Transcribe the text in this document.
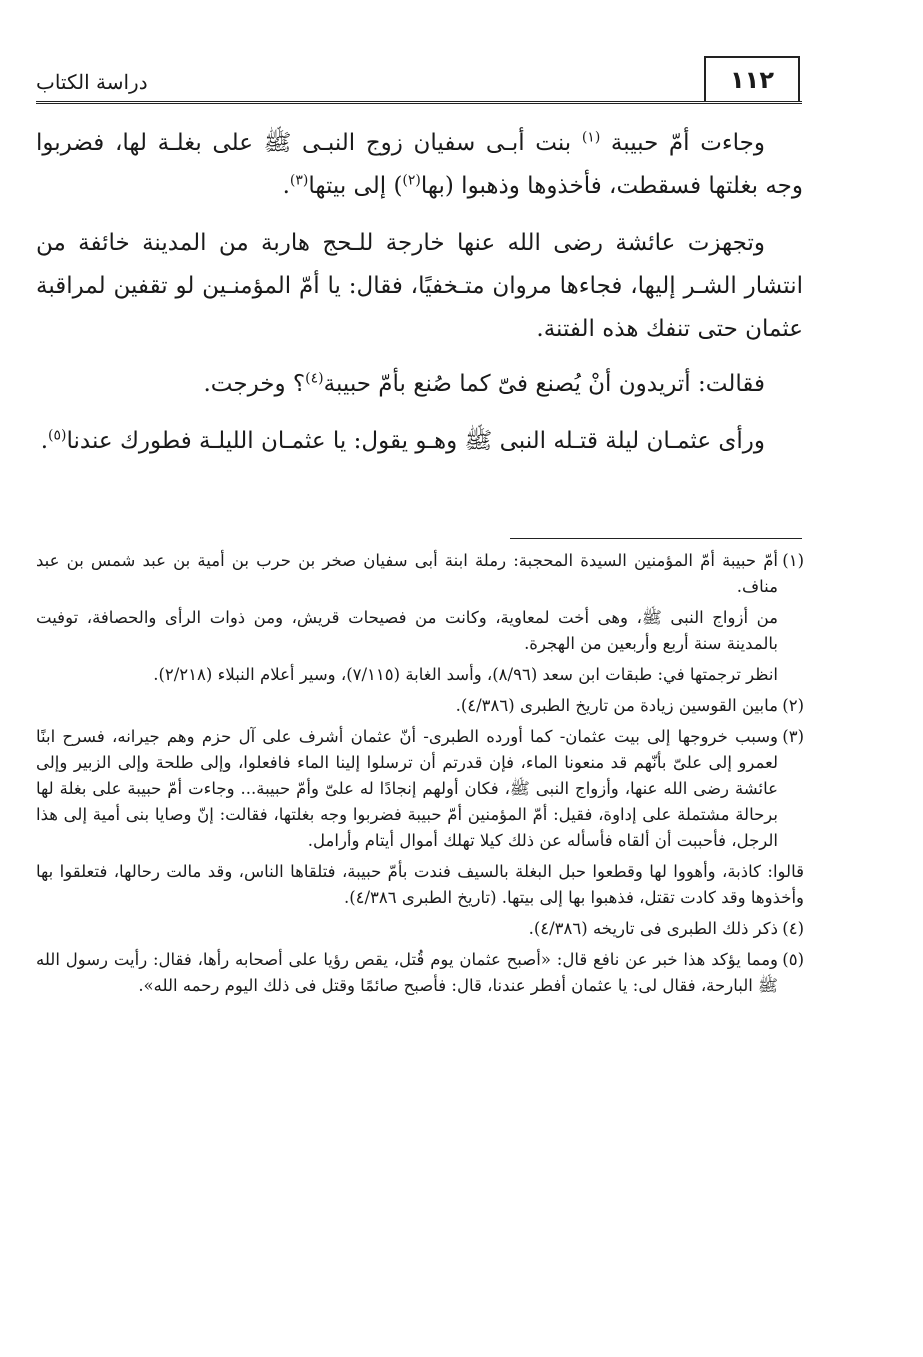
١١٢
دراسة الكتاب

وجاءت أمّ حبيبة $^{(١)}$ بنت أبـى سفيان زوج النبـى ﷺ على بغلـة لها، فضربوا وجه بغلتها فسقطت، فأخذوها وذهبوا (بها$^{(٢)}$) إلى بيتها$^{(٣)}$.

وتجهزت عائشة رضى الله عنها خارجة للـحج هاربة من المدينة خائفة من انتشار الشـر إليها، فجاءها مروان متـخفيًا، فقال: يا أمّ المؤمنـين لو تقفين لمراقبة عثمان حتى تنفك هذه الفتنة.

فقالت: أتريدون أنْ يُصنع فىّ كما صُنع بأمّ حبيبة$^{(٤)}$؟ وخرجت.

ورأى عثمـان ليلة قتـله النبى ﷺ وهـو يقول: يا عثمـان الليلـة فطورك عندنا$^{(٥)}$.

(١)أمّ حبيبة أمّ المؤمنين السيدة المحجبة: رملة ابنة أبى سفيان صخر بن حرب بن أمية بن عبد شمس بن عبد مناف.

من أزواج النبى ﷺ، وهى أخت لمعاوية، وكانت من فصيحات قريش، ومن ذوات الرأى والحصافة، توفيت بالمدينة سنة أربع وأربعين من الهجرة.

انظر ترجمتها في: طبقات ابن سعد (٨/٩٦)، وأسد الغابة (٧/١١٥)، وسير أعلام النبلاء (٢/٢١٨).

(٢)مابين القوسين زيادة من تاريخ الطبرى (٤/٣٨٦).

(٣)وسبب خروجها إلى بيت عثمان- كما أورده الطبرى- أنّ عثمان أشرف على آل حزم وهم جيرانه، فسرح ابنًا لعمرو إلى علىّ بأنّهم قد منعونا الماء، فإن قدرتم أن ترسلوا إلينا الماء فافعلوا، وإلى طلحة وإلى الزبير وإلى عائشة رضى الله عنها، وأزواج النبى ﷺ، فكان أولهم إنجادًا له علىّ وأمّ حبيبة... وجاءت أمّ حبيبة على بغلة لها برحالة مشتملة على إداوة، فقيل: أمّ المؤمنين أمّ حبيبة فضربوا وجه بغلتها، فقالت: إنّ وصايا بنى أمية إلى هذا الرجل، فأحببت أن ألقاه فأسأله عن ذلك كيلا تهلك أموال أيتام وأرامل.

قالوا: كاذبة، وأهووا لها وقطعوا حبل البغلة بالسيف فندت بأمّ حبيبة، فتلقاها الناس، وقد مالت رحالها، فتعلقوا بها وأخذوها وقد كادت تقتل، فذهبوا بها إلى بيتها. (تاريخ الطبرى ٤/٣٨٦).

(٤)ذكر ذلك الطبرى فى تاريخه (٤/٣٨٦).

(٥)ومما يؤكد هذا خبر عن نافع قال: «أصبح عثمان يوم قُتل، يقص رؤيا على أصحابه رأها، فقال: رأيت رسول الله ﷺ البارحة، فقال لى: يا عثمان أفطر عندنا، قال: فأصبح صائمًا وقتل فى ذلك اليوم رحمه الله».
